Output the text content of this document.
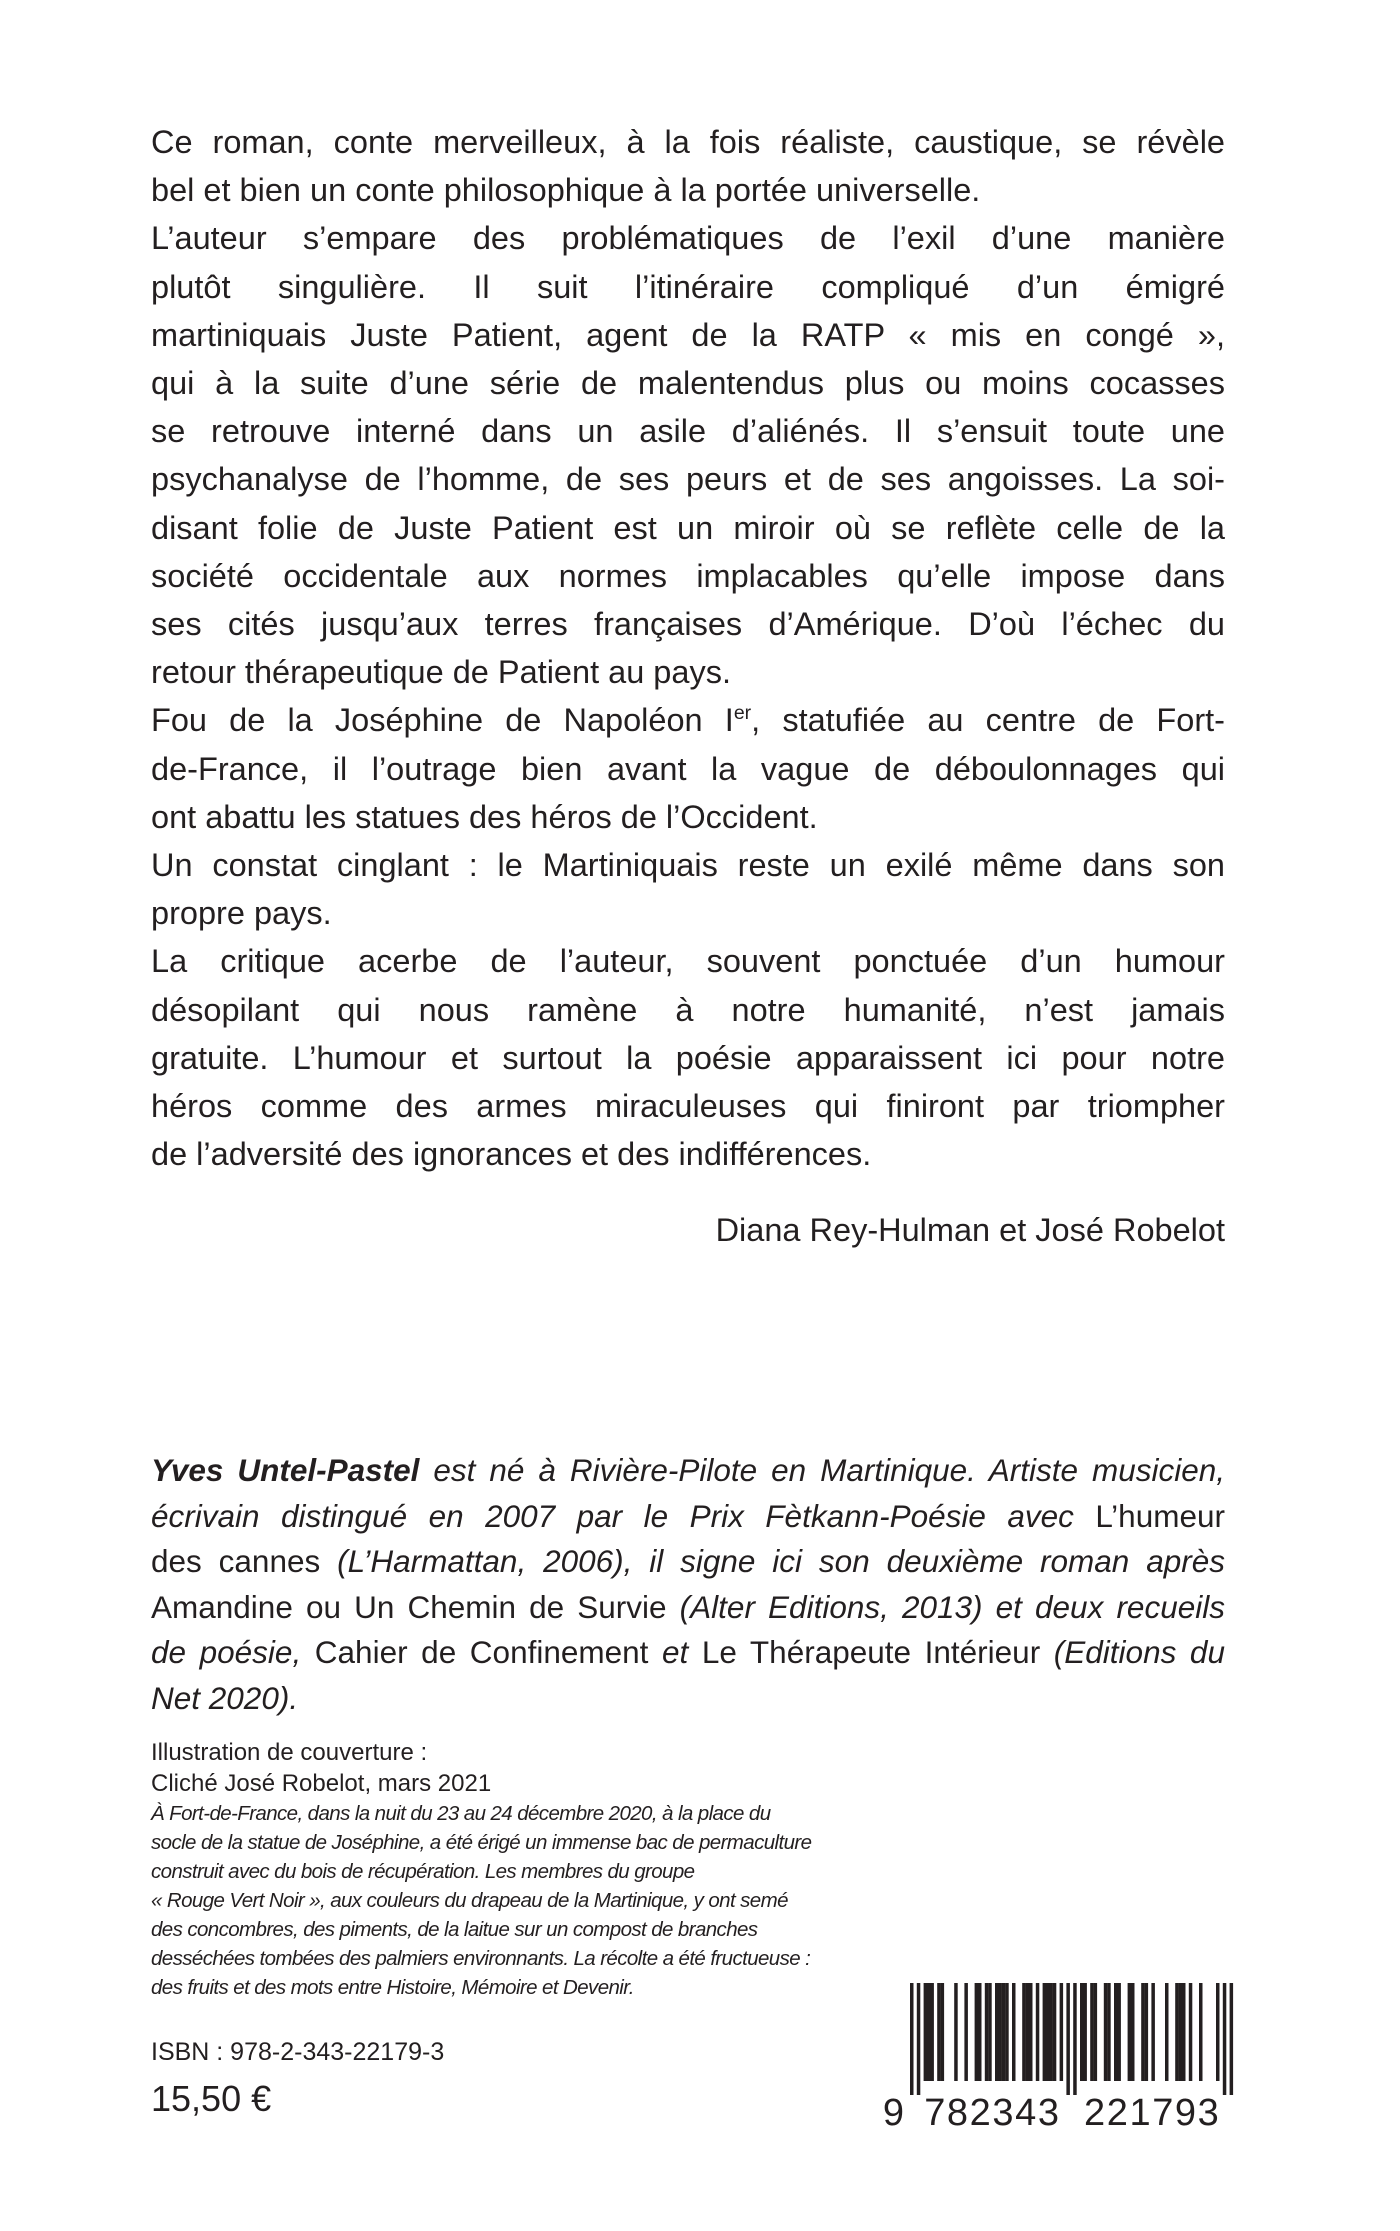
Ce roman, conte merveilleux, à la fois réaliste, caustique, se révèle
bel et bien un conte philosophique à la portée universelle.
L’auteur s’empare des problématiques de l’exil d’une manière
plutôt singulière. Il suit l’itinéraire compliqué d’un émigré
martiniquais Juste Patient, agent de la RATP « mis en congé »,
qui à la suite d’une série de malentendus plus ou moins cocasses
se retrouve interné dans un asile d’aliénés. Il s’ensuit toute une
psychanalyse de l’homme, de ses peurs et de ses angoisses. La soi-
disant folie de Juste Patient est un miroir où se reflète celle de la
société occidentale aux normes implacables qu’elle impose dans
ses cités jusqu’aux terres françaises d’Amérique. D’où l’échec du
retour thérapeutique de Patient au pays.
Fou de la Joséphine de Napoléon Ier, statufiée au centre de Fort-
de-France, il l’outrage bien avant la vague de déboulonnages qui
ont abattu les statues des héros de l’Occident.
Un constat cinglant : le Martiniquais reste un exilé même dans son
propre pays.
La critique acerbe de l’auteur, souvent ponctuée d’un humour
désopilant qui nous ramène à notre humanité, n’est jamais
gratuite. L’humour et surtout la poésie apparaissent ici pour notre
héros comme des armes miraculeuses qui finiront par triompher
de l’adversité des ignorances et des indifférences.
Diana Rey-Hulman et José Robelot
Yves Untel-Pastel est né à Rivière-Pilote en Martinique. Artiste musicien,
écrivain distingué en 2007 par le Prix Fètkann-Poésie avec L’humeur
des cannes (L’Harmattan, 2006), il signe ici son deuxième roman après
Amandine ou Un Chemin de Survie (Alter Editions, 2013) et deux recueils
de poésie, Cahier de Confinement et Le Thérapeute Intérieur (Editions du
Net 2020).
Illustration de couverture :
Cliché José Robelot, mars 2021
À Fort-de-France, dans la nuit du 23 au 24 décembre 2020, à la place du
socle de la statue de Joséphine, a été érigé un immense bac de permaculture
construit avec du bois de récupération. Les membres du groupe
« Rouge Vert Noir », aux couleurs du drapeau de la Martinique, y ont semé
des concombres, des piments, de la laitue sur un compost de branches
desséchées tombées des palmiers environnants. La récolte a été fructueuse :
des fruits et des mots entre Histoire, Mémoire et Devenir.
ISBN : 978-2-343-22179-3
15,50 €	9 782343 221793
